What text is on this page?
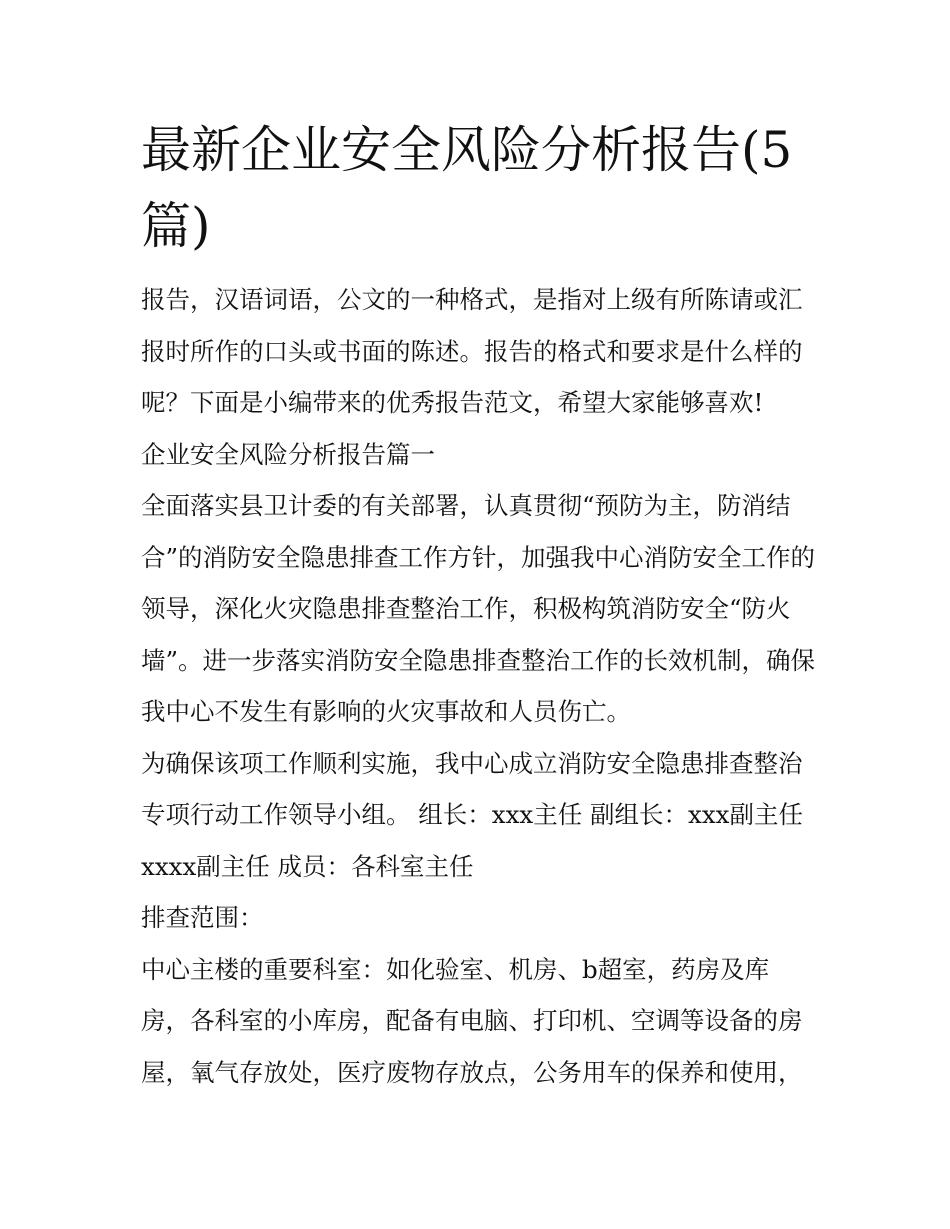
最新企业安全风险分析报告(5篇)

报告，汉语词语，公文的一种格式，是指对上级有所陈请或汇报时所作的口头或书面的陈述。报告的格式和要求是什么样的呢？下面是小编带来的优秀报告范文，希望大家能够喜欢!

企业安全风险分析报告篇一

全面落实县卫计委的有关部署，认真贯彻“预防为主，防消结合”的消防安全隐患排查工作方针，加强我中心消防安全工作的领导，深化火灾隐患排查整治工作，积极构筑消防安全“防火墙”。进一步落实消防安全隐患排查整治工作的长效机制，确保我中心不发生有影响的火灾事故和人员伤亡。

为确保该项工作顺利实施，我中心成立消防安全隐患排查整治专项行动工作领导小组。 组长：xxx主任 副组长：xxx副主任 xxxx副主任 成员：各科室主任

排查范围：

中心主楼的重要科室：如化验室、机房、b超室，药房及库房，各科室的小库房，配备有电脑、打印机、空调等设备的房屋，氧气存放处，医疗废物存放点，公务用车的保养和使用，
